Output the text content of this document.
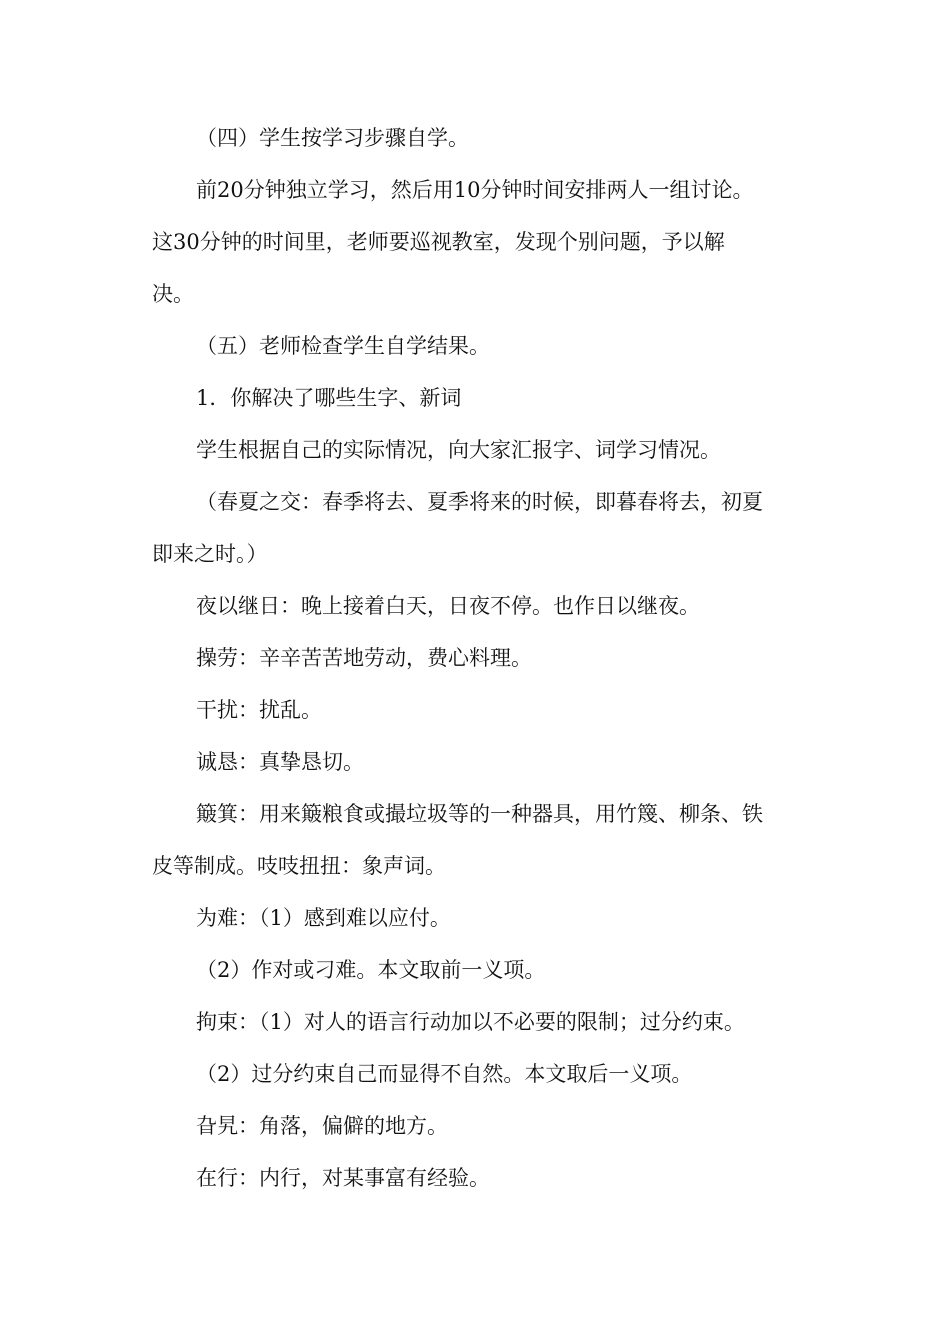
（四）学生按学习步骤自学。
前20分钟独立学习，然后用10分钟时间安排两人一组讨论。
这30分钟的时间里，老师要巡视教室，发现个别问题，予以解
决。
（五）老师检查学生自学结果。
1．你解决了哪些生字、新词
学生根据自己的实际情况，向大家汇报字、词学习情况。
（春夏之交：春季将去、夏季将来的时候，即暮春将去，初夏
即来之时。）
夜以继日：晚上接着白天，日夜不停。也作日以继夜。
操劳：辛辛苦苦地劳动，费心料理。
干扰：扰乱。
诚恳：真挚恳切。
簸箕：用来簸粮食或撮垃圾等的一种器具，用竹篾、柳条、铁
皮等制成。吱吱扭扭：象声词。
为难：（1）感到难以应付。
（2）作对或刁难。本文取前一义项。
拘束：（1）对人的语言行动加以不必要的限制；过分约束。
（2）过分约束自己而显得不自然。本文取后一义项。
旮旯：角落，偏僻的地方。
在行：内行，对某事富有经验。
